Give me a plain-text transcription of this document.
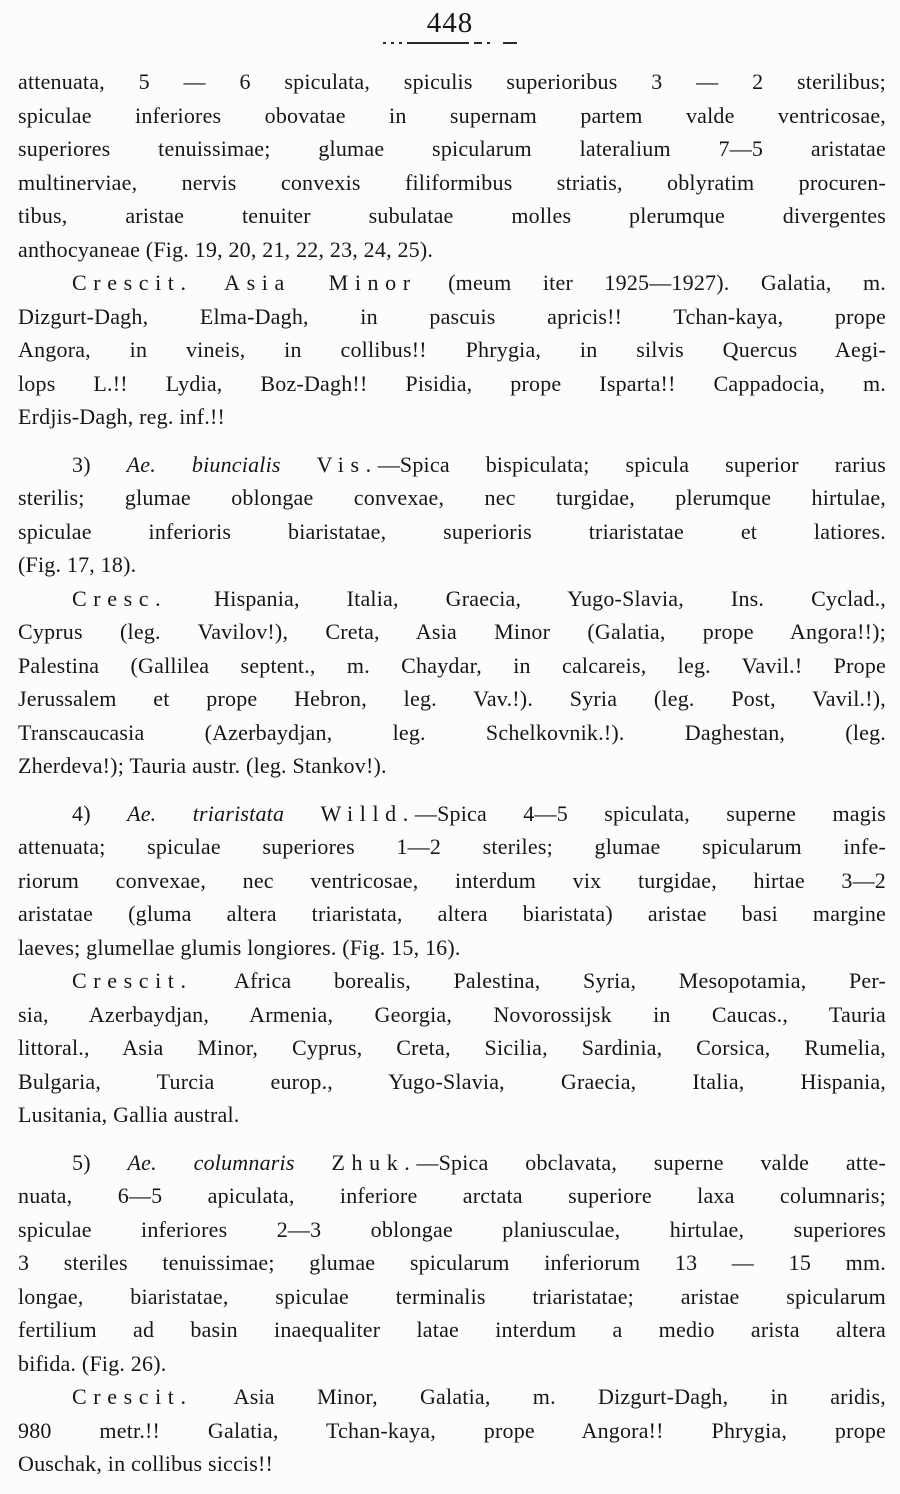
448
attenuata, 5 — 6 spiculata, spiculis superioribus 3 — 2 sterilibus;
spiculae inferiores obovatae in supernam partem valde ventricosae,
superiores tenuissimae; glumae spicularum lateralium 7—5 aristatae
multinerviae, nervis convexis filiformibus striatis, oblyratim procuren-
tibus, aristae tenuiter subulatae molles plerumque divergentes
anthocyaneae (Fig. 19, 20, 21, 22, 23, 24, 25).
Crescit. Asia Minor (meum iter 1925—1927). Galatia, m.
Dizgurt-Dagh, Elma-Dagh, in pascuis apricis!! Tchan-kaya, prope
Angora, in vineis, in collibus!! Phrygia, in silvis Quercus Aegi-
lops L.!! Lydia, Boz-Dagh!! Pisidia, prope Isparta!! Cappadocia, m.
Erdjis-Dagh, reg. inf.!!
3) Ae. biuncialis Vis.—Spica bispiculata; spicula superior rarius
sterilis; glumae oblongae convexae, nec turgidae, plerumque hirtulae,
spiculae inferioris biaristatae, superioris triaristatae et latiores.
(Fig. 17, 18).
Cresc. Hispania, Italia, Graecia, Yugo-Slavia, Ins. Cyclad.,
Cyprus (leg. Vavilov!), Creta, Asia Minor (Galatia, prope Angora!!);
Palestina (Gallilea septent., m. Chaydar, in calcareis, leg. Vavil.! Prope
Jerussalem et prope Hebron, leg. Vav.!). Syria (leg. Post, Vavil.!),
Transcaucasia (Azerbaydjan, leg. Schelkovnik.!). Daghestan, (leg.
Zherdeva!); Tauria austr. (leg. Stankov!).
4) Ae. triaristata Willd.—Spica 4—5 spiculata, superne magis
attenuata; spiculae superiores 1—2 steriles; glumae spicularum infe-
riorum convexae, nec ventricosae, interdum vix turgidae, hirtae 3—2
aristatae (gluma altera triaristata, altera biaristata) aristae basi margine
laeves; glumellae glumis longiores. (Fig. 15, 16).
Crescit. Africa borealis, Palestina, Syria, Mesopotamia, Per-
sia, Azerbaydjan, Armenia, Georgia, Novorossijsk in Caucas., Tauria
littoral., Asia Minor, Cyprus, Creta, Sicilia, Sardinia, Corsica, Rumelia,
Bulgaria, Turcia europ., Yugo-Slavia, Graecia, Italia, Hispania,
Lusitania, Gallia austral.
5) Ae. columnaris Zhuk.—Spica obclavata, superne valde atte-
nuata, 6—5 apiculata, inferiore arctata superiore laxa columnaris;
spiculae inferiores 2—3 oblongae planiusculae, hirtulae, superiores
3 steriles tenuissimae; glumae spicularum inferiorum 13 — 15 mm.
longae, biaristatae, spiculae terminalis triaristatae; aristae spicularum
fertilium ad basin inaequaliter latae interdum a medio arista altera
bifida. (Fig. 26).
Crescit. Asia Minor, Galatia, m. Dizgurt-Dagh, in aridis,
980 metr.!! Galatia, Tchan-kaya, prope Angora!! Phrygia, prope
Ouschak, in collibus siccis!!
